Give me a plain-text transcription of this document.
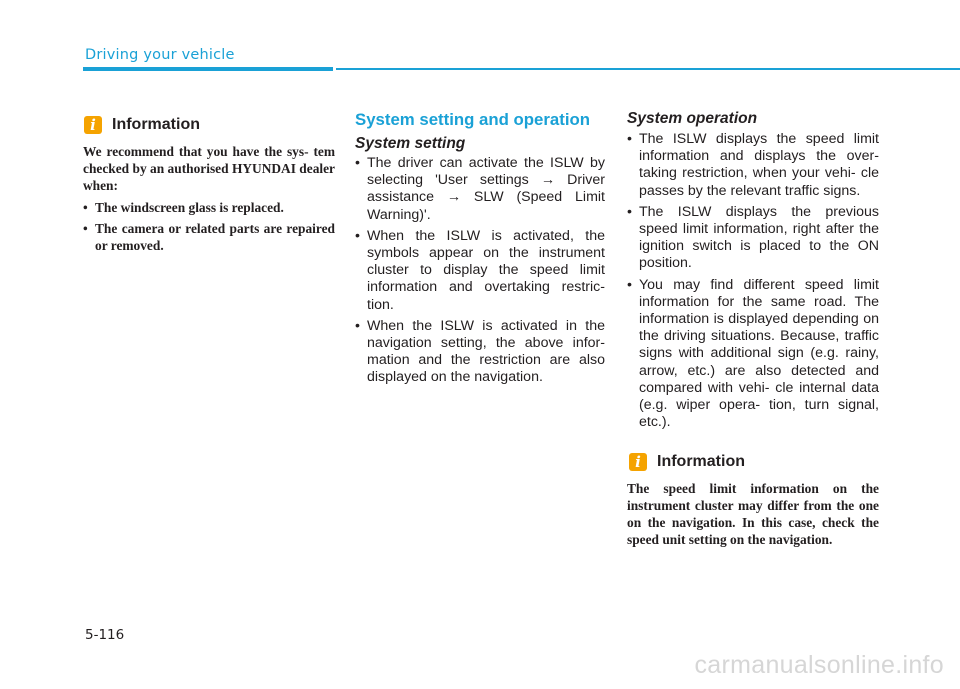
Driving your vehicle
i	Information

We recommend that you have the sys- tem checked by an authorised HYUNDAI dealer when:

• The windscreen glass is replaced.
• The camera or related parts are repaired or removed.
System setting and operation
System setting
• The driver can activate the ISLW by selecting 'User settings → Driver assistance → SLW (Speed Limit Warning)'.
• When the ISLW is activated, the symbols appear on the instrument cluster to display the speed limit information and overtaking restric- tion.
• When the ISLW is activated in the navigation setting, the above infor- mation and the restriction are also displayed on the navigation.
System operation
• The ISLW displays the speed limit information and displays the over- taking restriction, when your vehi- cle passes by the relevant traffic signs.
• The ISLW displays the previous speed limit information, right after the ignition switch is placed to the ON position.
• You may find different speed limit information for the same road. The information is displayed depending on the driving situations. Because, traffic signs with additional sign (e.g. rainy, arrow, etc.) are also detected and compared with vehi- cle internal data (e.g. wiper opera- tion, turn signal, etc.).
i	Information

The speed limit information on the instrument cluster may differ from the one on the navigation. In this case, check the speed unit setting on the navigation.

5-116
carmanualsonline.info
